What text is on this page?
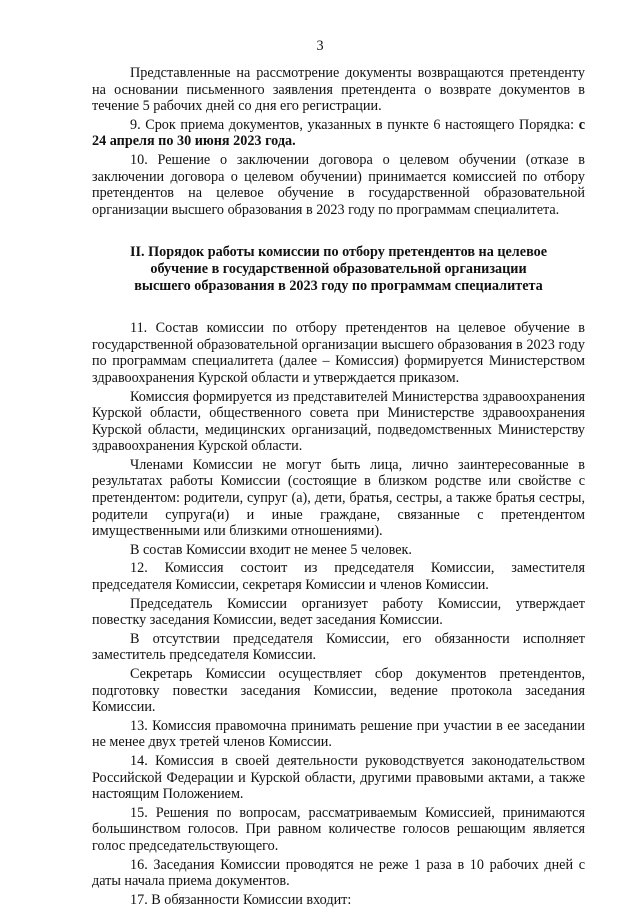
3

Представленные на рассмотрение документы возвращаются претенденту на основании письменного заявления претендента о возврате документов в течение 5 рабочих дней со дня его регистрации.

9. Срок приема документов, указанных в пункте 6 настоящего Порядка: с 24 апреля по 30 июня 2023 года.

10. Решение о заключении договора о целевом обучении (отказе в заключении договора о целевом обучении) принимается комиссией по отбору претендентов на целевое обучение в государственной образовательной организации высшего образования в 2023 году по программам специалитета.

II. Порядок работы комиссии по отбору претендентов на целевое обучение в государственной образовательной организации высшего образования в 2023 году по программам специалитета

11. Состав комиссии по отбору претендентов на целевое обучение в государственной образовательной организации высшего образования в 2023 году по программам специалитета (далее – Комиссия) формируется Министерством здравоохранения Курской области и утверждается приказом.

Комиссия формируется из представителей Министерства здравоохранения Курской области, общественного совета при Министерстве здравоохранения Курской области, медицинских организаций, подведомственных Министерству здравоохранения Курской области.

Членами Комиссии не могут быть лица, лично заинтересованные в результатах работы Комиссии (состоящие в близком родстве или свойстве с претендентом: родители, супруг (а), дети, братья, сестры, а также братья сестры, родители супруга(и) и иные граждане, связанные с претендентом имущественными или близкими отношениями).

В состав Комиссии входит не менее 5 человек.

12. Комиссия состоит из председателя Комиссии, заместителя председателя Комиссии, секретаря Комиссии и членов Комиссии.

Председатель Комиссии организует работу Комиссии, утверждает повестку заседания Комиссии, ведет заседания Комиссии.

В отсутствии председателя Комиссии, его обязанности исполняет заместитель председателя Комиссии.

Секретарь Комиссии осуществляет сбор документов претендентов, подготовку повестки заседания Комиссии, ведение протокола заседания Комиссии.

13. Комиссия правомочна принимать решение при участии в ее заседании не менее двух третей членов Комиссии.

14. Комиссия в своей деятельности руководствуется законодательством Российской Федерации и Курской области, другими правовыми актами, а также настоящим Положением.

15. Решения по вопросам, рассматриваемым Комиссией, принимаются большинством голосов. При равном количестве голосов решающим является голос председательствующего.

16. Заседания Комиссии проводятся не реже 1 раза в 10 рабочих дней с даты начала приема документов.

17. В обязанности Комиссии входит:
